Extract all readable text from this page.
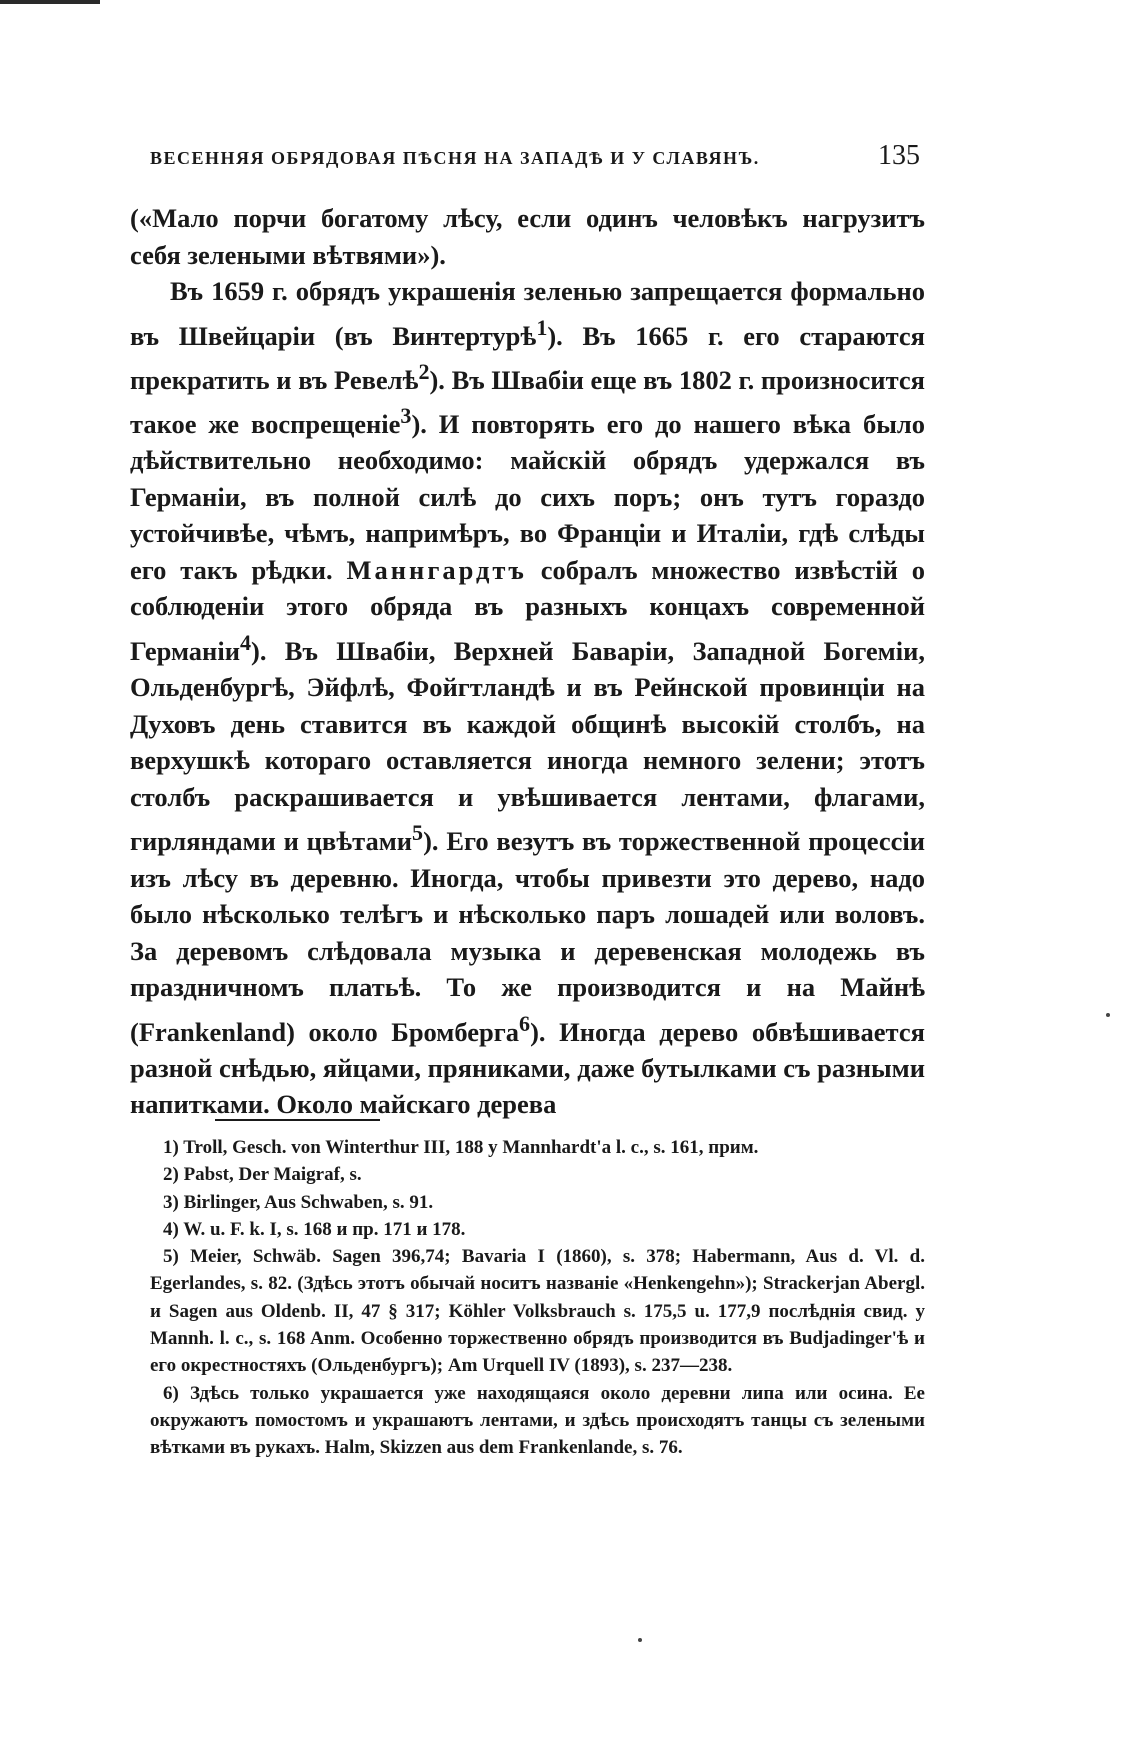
ВЕСЕННЯЯ ОБРЯДОВАЯ ПѢСНЯ НА ЗАПАДѢ И У СЛАВЯНЪ.	135

(«Мало порчи богатому лѣсу, если одинъ человѣкъ нагрузитъ себя зелеными вѣтвями»).

Въ 1659 г. обрядъ украшенія зеленью запрещается формально въ Швейцаріи (въ Винтертурѣ$^1$). Въ 1665 г. его стараются прекратить и въ Ревелѣ$^2$). Въ Швабіи еще въ 1802 г. произносится такое же воспрещеніе$^3$). И повторять его до нашего вѣка было дѣйствительно необходимо: майскій обрядъ удержался въ Германіи, въ полной силѣ до сихъ поръ; онъ тутъ гораздо устойчивѣе, чѣмъ, напримѣръ, во Франціи и Италіи, гдѣ слѣды его такъ рѣдки. Маннгардтъ собралъ множество извѣстій о соблюденіи этого обряда въ разныхъ концахъ современной Германіи$^4$). Въ Швабіи, Верхней Баваріи, Западной Богеміи, Ольденбургѣ, Эйфлѣ, Фойгтландѣ и въ Рейнской провинціи на Духовъ день ставится въ каждой общинѣ высокій столбъ, на верхушкѣ котораго оставляется иногда немного зелени; этотъ столбъ раскрашивается и увѣшивается лентами, флагами, гирляндами и цвѣтами$^5$). Его везутъ въ торжественной процессіи изъ лѣсу въ деревню. Иногда, чтобы привезти это дерево, надо было нѣсколько телѣгъ и нѣсколько паръ лошадей или воловъ. За деревомъ слѣдовала музыка и деревенская молодежь въ праздничномъ платьѣ. То же производится и на Майнѣ (Frankenland) около Бромберга$^6$). Иногда дерево обвѣшивается разной снѣдью, яйцами, пряниками, даже бутылками съ разными напитками. Около майскаго дерева

1) Troll, Gesch. von Winterthur III, 188 у Mannhardt'a l. c., s. 161, прим.

2) Pabst, Der Maigraf, s.

3) Birlinger, Aus Schwaben, s. 91.

4) W. u. F. k. I, s. 168 и пр. 171 и 178.

5) Meier, Schwäb. Sagen 396,74; Bavaria I (1860), s. 378; Habermann, Aus d. Vl. d. Egerlandes, s. 82. (Здѣсь этотъ обычай носитъ названіе «Henkengehn»); Strackerjan Abergl. и Sagen aus Oldenb. II, 47 § 317; Köhler Volksbrauch s. 175,5 u. 177,9 послѣднія свид. у Mannh. l. c., s. 168 Anm. Особенно торжественно обрядъ производится въ Budjadinger'ѣ и его окрестностяхъ (Ольденбургъ); Am Urquell IV (1893), s. 237—238.

6) Здѣсь только украшается уже находящаяся около деревни липа или осина. Ее окружаютъ помостомъ и украшаютъ лентами, и здѣсь происходятъ танцы съ зелеными вѣтками въ рукахъ. Halm, Skizzen aus dem Frankenlande, s. 76.
